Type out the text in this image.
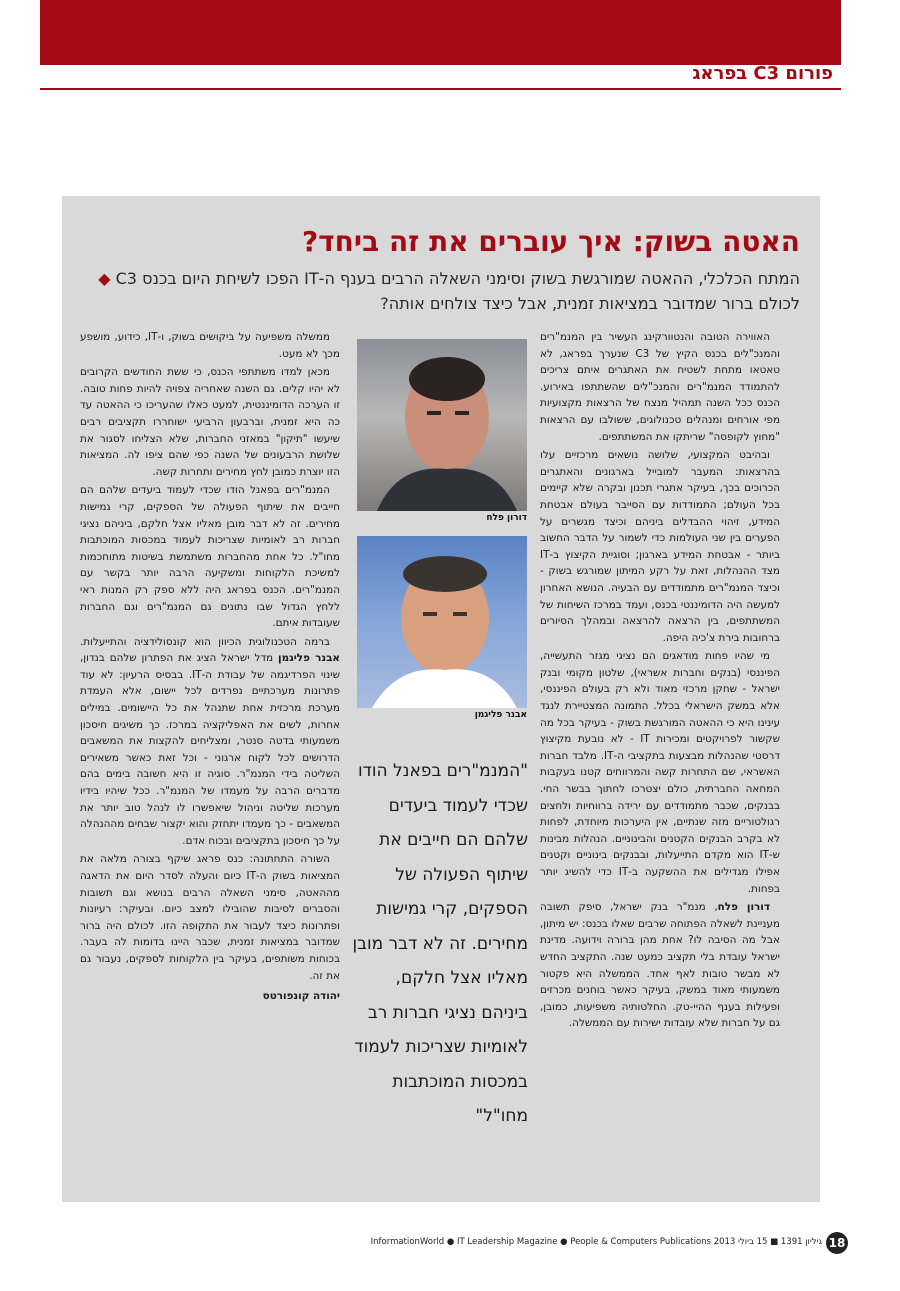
פורום C3 בפראג
האטה בשוק: איך עוברים את זה ביחד?
המתח הכלכלי, ההאטה שמורגשת בשוק וסימני השאלה הרבים בענף ה-IT הפכו לשיחת היום בכנס C3 ◆ לכולם ברור שמדובר במציאות זמנית, אבל כיצד צולחים אותה?

האווירה הטובה והנטוורקינג העשיר בין המנמ"רים והמנכ"לים בכנס הקיץ של C3 שנערך בפראג, לא טאטאו מתחת לשטיח את האתגרים איתם צריכים להתמודד המנמ"רים והמנכ"לים שהשתתפו באירוע. הכנס ככל השנה תמהיל מנצח של הרצאות מקצועיות מפי אורחים ומנהלים טכנולוגים, ששולבו עם הרצאות "מחוץ לקופסה" שריתקו את המשתתפים.

ובהיבט המקצועי, שלושה נושאים מרכזיים עלו בהרצאות: המעבר למובייל בארגונים והאתגרים הכרוכים בכך, בעיקר אתגרי תכנון ובקרה שלא קיימים בכל העולם; התמודדות עם הסייבר בעולם אבטחת המידע, זיהוי ההבדלים ביניהם וכיצד מגשרים על הפערים בין שני העולמות כדי לשמור על הדבר החשוב ביותר - אבטחת המידע בארגון; וסוגיית הקיצוץ ב-IT מצד ההנהלות, זאת על רקע המיתון שמורגש בשוק - וכיצד המנמ"רים מתמודדים עם הבעיה. הנושא האחרון למעשה היה הדומיננטי בכנס, ועמד במרכז השיחות של המשתתפים, בין הרצאה להרצאה ובמהלך הסיורים ברחובות בירת צ'כיה היפה.

מי שהיו פחות מודאגים הם נציגי מגזר התעשייה, הפיננסי (בנקים וחברות אשראי), שלטון מקומי ובנק ישראל - שחקן מרכזי מאוד ולא רק בעולם הפיננסי, אלא במשק הישראלי בכלל. התמונה המצטיירת לנגד עינינו היא כי ההאטה המורגשת בשוק - בעיקר בכל מה שקשור לפרויקטים ומכירות IT - לא נובעת מקיצוץ דרסטי שהנהלות מבצעות בתקציבי ה-IT. מלבד חברות האשראי, שם התחרות קשה והמרווחים קטנו בעקבות המחאה החברתית, כולם יצטרכו לחתוך בבשר החי. בבנקים, שכבר מתמודדים עם ירידה ברווחיות ולחצים רגולטוריים מזה שנתיים, אין היערכות מיוחדת, לפחות לא בקרב הבנקים הקטנים והבינוניים. הנהלות מבינות ש-IT הוא מקדם התייעלות, ובבנקים בינוניים וקטנים אפילו מגדילים את ההשקעה ב-IT כדי להשיג יותר בפחות.

דורון פלח, מנמ"ר בנק ישראל, סיפק תשובה מעניינת לשאלה הפתוחה שרבים שאלו בכנס: יש מיתון, אבל מה הסיבה לו? אחת מהן ברורה וידועה. מדינת ישראל עובדת בלי תקציב כמעט שנה. התקציב החדש לא מבשר טובות לאף אחד. הממשלה היא פקטור משמעותי מאוד במשק, בעיקר כאשר בוחנים מכרזים ופעילות בענף ההיי-טק. החלטותיה משפיעות, כמובן, גם על חברות שלא עובדות ישירות עם הממשלה.

דורון פלח
אבנר פליגמן
"המנמ"רים בפאנל הודו שכדי לעמוד ביעדים שלהם הם חייבים את שיתוף הפעולה של הספקים, קרי גמישות מחירים. זה לא דבר מובן מאליו אצל חלקם, ביניהם נציגי חברות רב לאומיות שצריכות לעמוד במכסות המוכתבות מחו"ל"

ממשלה משפיעה על ביקושים בשוק, ו-IT, כידוע, מושפע מכך לא מעט.

מכאן למדו משתתפי הכנס, כי ששת החודשים הקרובים לא יהיו קלים. גם השנה שאחריה צפויה להיות פחות טובה. זו הערכה הדומיננטית, למעט כאלו שהעריכו כי ההאטה עד כה היא זמנית, וברבעון הרביעי ישוחררו תקציבים רבים שיעשו "תיקון" במאזני החברות, שלא הצליחו לסגור את שלושת הרבעונים של השנה כפי שהם ציפו לה. המציאות הזו יוצרת כמובן לחץ מחירים ותחרות קשה.

המנמ"רים בפאנל הודו שכדי לעמוד ביעדים שלהם הם חייבים את שיתוף הפעולה של הספקים, קרי גמישות מחירים. זה לא דבר מובן מאליו אצל חלקם, ביניהם נציגי חברות רב לאומיות שצריכות לעמוד במכסות המוכתבות מחו"ל. כל אחת מהחברות משתמשת בשיטות מתוחכמות למשיכת הלקוחות ומשקיעה הרבה יותר בקשר עם המנמ"רים. הכנס בפראג היה ללא ספק רק המנות ראי ללחץ הגדול שבו נתונים גם המנמ"רים וגם החברות שעובדות איתם.

ברמה הטכנולוגית הכיוון הוא קונסולידציה והתייעלות. אבנר פליגמן מדל ישראל הציג את הפתרון שלהם בנדון, שינוי הפרדיגמה של עבודת ה-IT. בבסיס הרעיון: לא עוד פתרונות מערכתיים נפרדים לכל יישום, אלא העמדת מערכת מרכזית אחת שתנהל את כל היישומים. במילים אחרות, לשים את האפליקציה במרכז. כך משיגים חיסכון משמעותי בדטה סנטר, ומצליחים להקצות את המשאבים הדרושים לכל לקוח ארגוני - וכל זאת כאשר משאירים השליטה בידי המנמ"ר. סוגיה זו היא חשובה בימים בהם מדברים הרבה על מעמדו של המנמ"ר. ככל שיהיו בידיו מערכות שליטה וניהול שיאפשרו לו לנהל טוב יותר את המשאבים - כך מעמדו יתחזק והוא יקצור שבחים מההנהלה על כך חיסכון בתקציבים ובכוח אדם.

השורה התחתונה: כנס פראג שיקף בצורה מלאה את המציאות בשוק ה-IT כיום והעלה לסדר היום את הדאגה מההאטה, סימני השאלה הרבים בנושא וגם תשובות והסברים לסיבות שהובילו למצב כיום. ובעיקר: רעיונות ופתרונות כיצד לעבור את התקופה הזו. לכולם היה ברור שמדובר במציאות זמנית, שכבר היינו בדומות לה בעבר. בכוחות משותפים, בעיקר בין הלקוחות לספקים, נעבור גם את זה.

יהודה קונפורטס

18
גיליון 1391 ■ 15 ביולי 2013 InformationWorld ● IT Leadership Magazine ● People & Computers Publications
